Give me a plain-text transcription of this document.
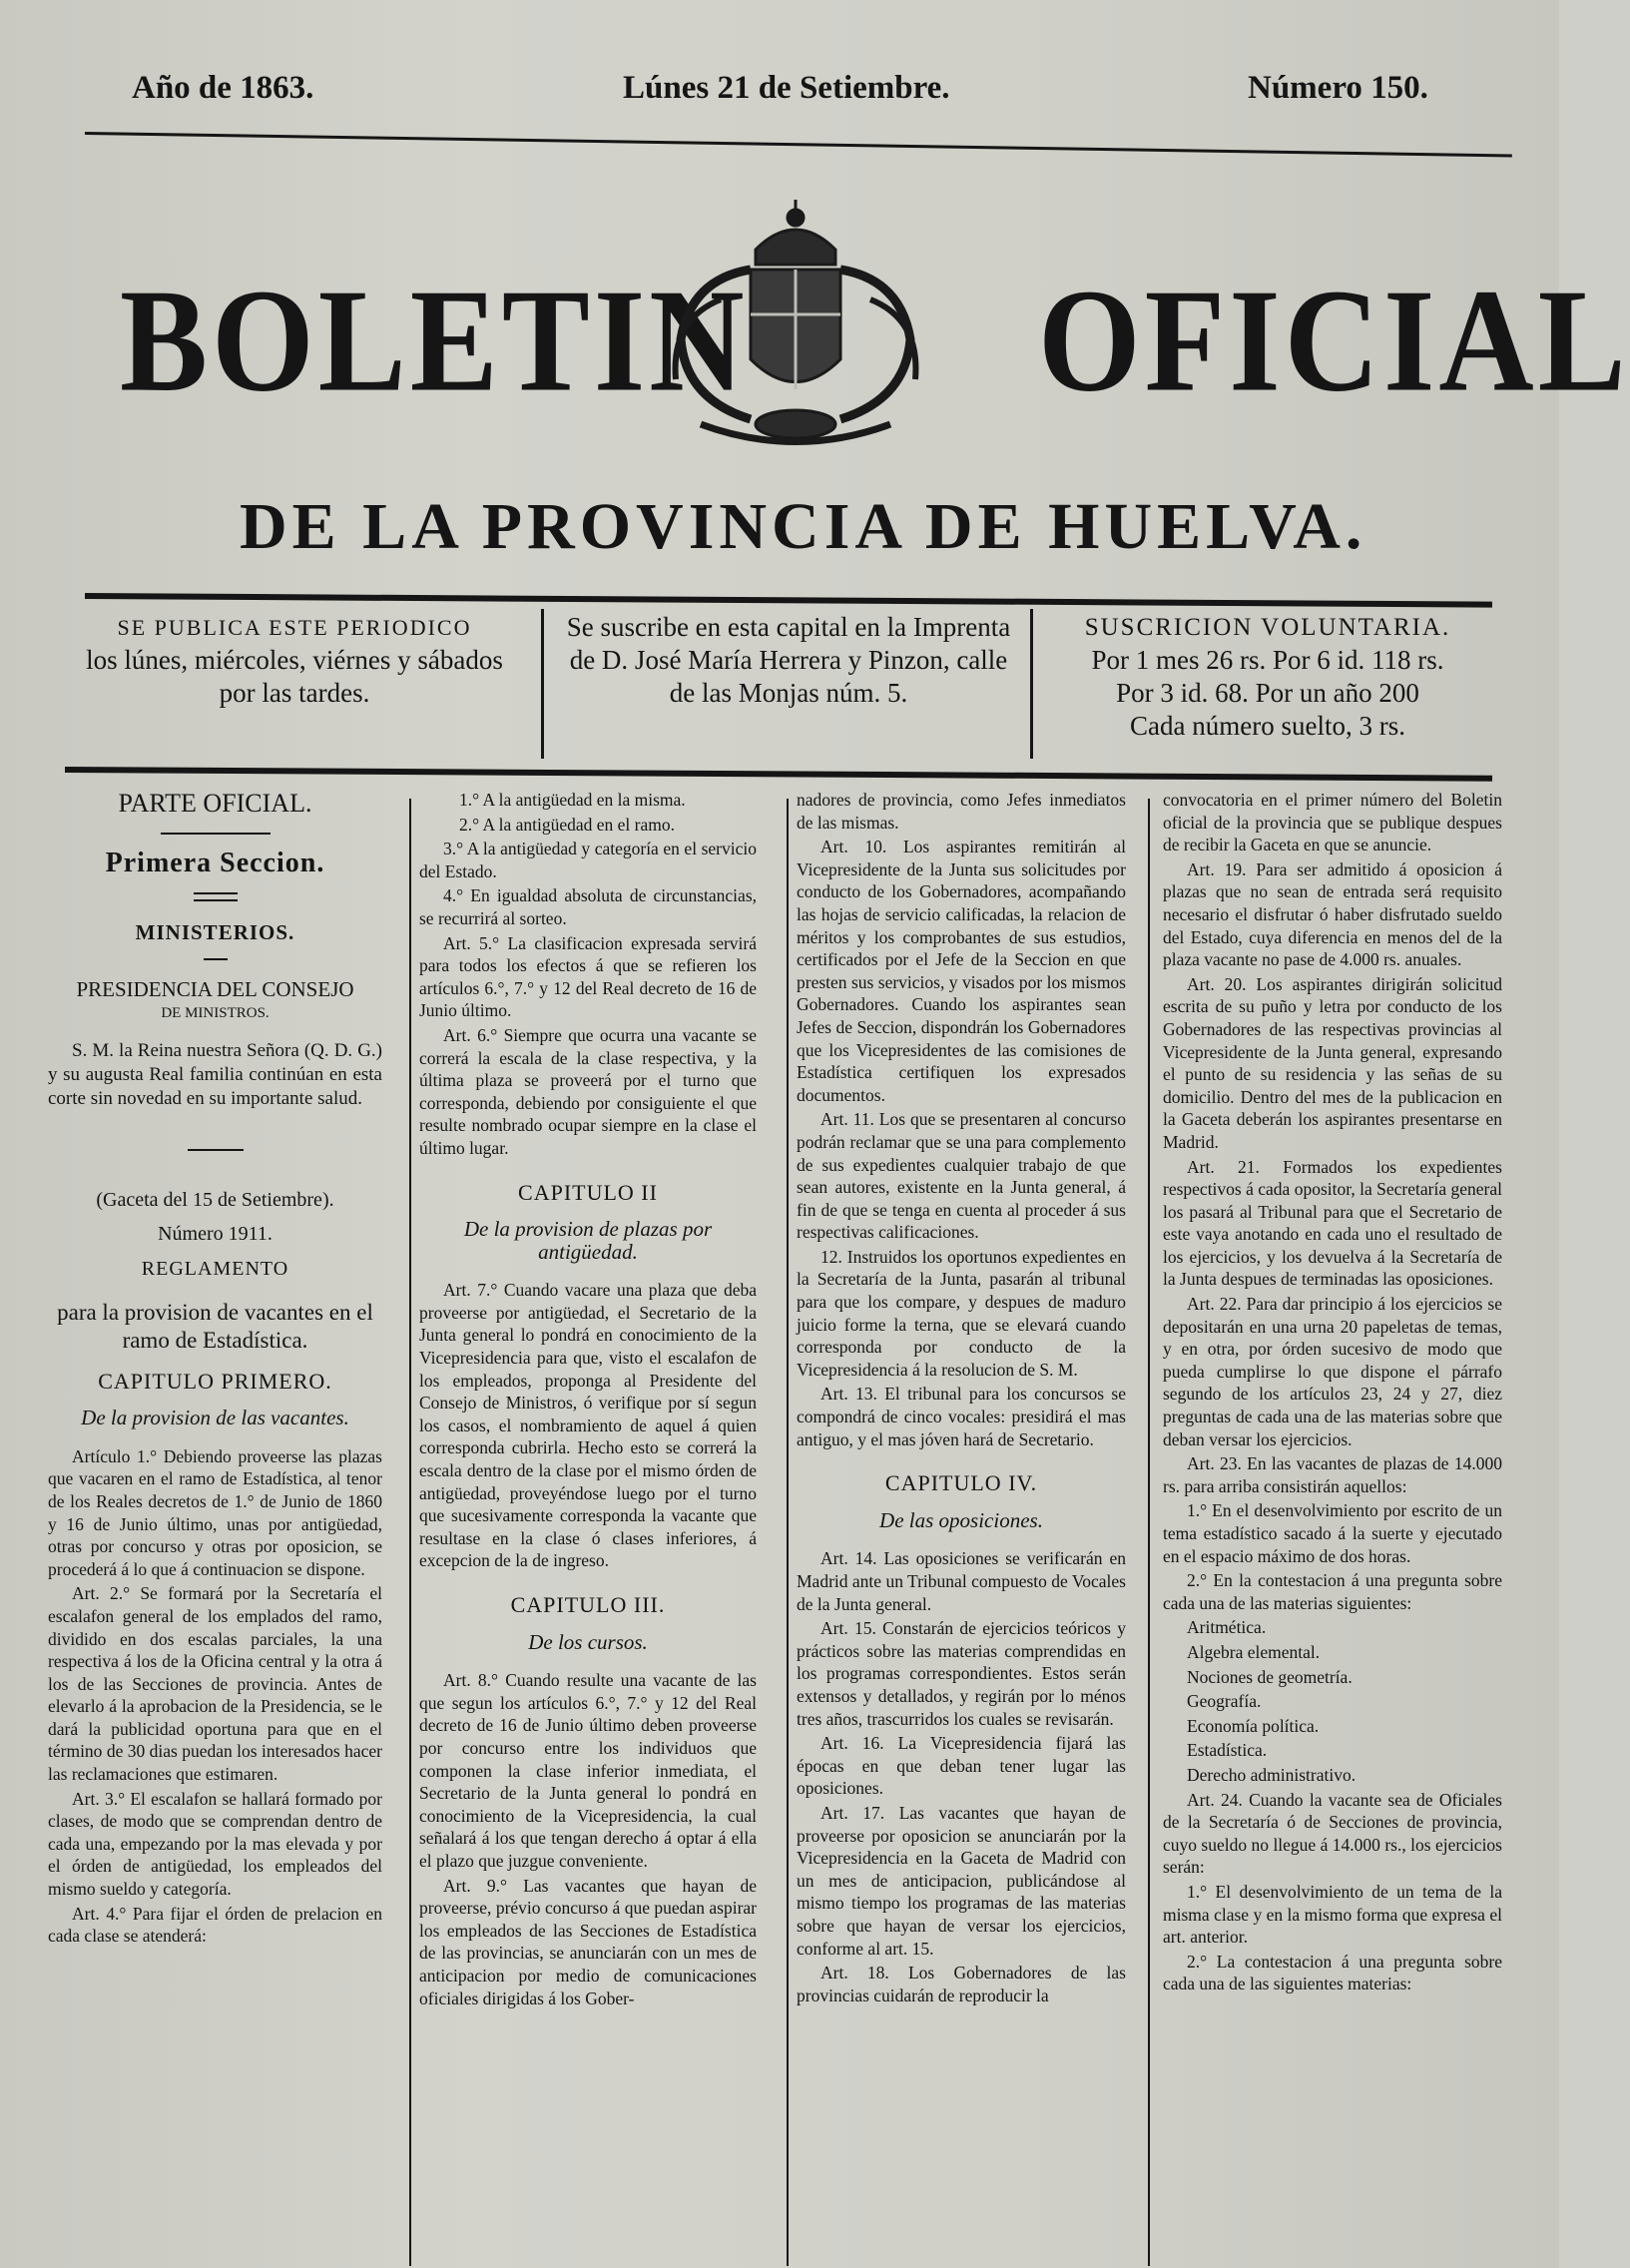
Año de 1863.	Lúnes 21 de Setiembre.	Número 150.
BOLETIN OFICIAL
DE LA PROVINCIA DE HUELVA.
SE PUBLICA ESTE PERIODICO
los lúnes, miércoles, viérnes y sábados
por las tardes.
Se suscribe en esta capital en la Imprenta
de D. José María Herrera y Pinzon, calle
de las Monjas núm. 5.
SUSCRICION VOLUNTARIA.
Por 1 mes 26 rs. Por 6 id. 118 rs.
Por 3 id. 68. Por un año 200
Cada número suelto, 3 rs.

PARTE OFICIAL.

Primera Seccion.

MINISTERIOS.

PRESIDENCIA DEL CONSEJO

DE MINISTROS.

S. M. la Reina nuestra Señora (Q. D. G.) y su augusta Real familia continúan en esta corte sin novedad en su importante salud.

(Gaceta del 15 de Setiembre).

Número 1911.

REGLAMENTO

para la provision de vacantes en el ramo de Estadística.

CAPITULO PRIMERO.

De la provision de las vacantes.

Artículo 1.° Debiendo proveerse las plazas que vacaren en el ramo de Estadística, al tenor de los Reales decretos de 1.° de Junio de 1860 y 16 de Junio último, unas por antigüedad, otras por concurso y otras por oposicion, se procederá á lo que á continuacion se dispone.

Art. 2.° Se formará por la Secretaría el escalafon general de los emplados del ramo, dividido en dos escalas parciales, la una respectiva á los de la Oficina central y la otra á los de las Secciones de provincia. Antes de elevarlo á la aprobacion de la Presidencia, se le dará la publicidad oportuna para que en el término de 30 dias puedan los interesados hacer las reclamaciones que estimaren.

Art. 3.° El escalafon se hallará formado por clases, de modo que se comprendan dentro de cada una, empezando por la mas elevada y por el órden de antigüedad, los empleados del mismo sueldo y categoría.

Art. 4.° Para fijar el órden de prelacion en cada clase se atenderá:

1.° A la antigüedad en la misma.

2.° A la antigüedad en el ramo.

3.° A la antigüedad y categoría en el servicio del Estado.

4.° En igualdad absoluta de circunstancias, se recurrirá al sorteo.

Art. 5.° La clasificacion expresada servirá para todos los efectos á que se refieren los artículos 6.°, 7.° y 12 del Real decreto de 16 de Junio último.

Art. 6.° Siempre que ocurra una vacante se correrá la escala de la clase respectiva, y la última plaza se proveerá por el turno que corresponda, debiendo por consiguiente el que resulte nombrado ocupar siempre en la clase el último lugar.

CAPITULO II

De la provision de plazas por antigüedad.

Art. 7.° Cuando vacare una plaza que deba proveerse por antigüedad, el Secretario de la Junta general lo pondrá en conocimiento de la Vicepresidencia para que, visto el escalafon de los empleados, proponga al Presidente del Consejo de Ministros, ó verifique por sí segun los casos, el nombramiento de aquel á quien corresponda cubrirla. Hecho esto se correrá la escala dentro de la clase por el mismo órden de antigüedad, proveyéndose luego por el turno que sucesivamente corresponda la vacante que resultase en la clase ó clases inferiores, á excepcion de la de ingreso.

CAPITULO III.

De los cursos.

Art. 8.° Cuando resulte una vacante de las que segun los artículos 6.°, 7.° y 12 del Real decreto de 16 de Junio último deben proveerse por concurso entre los individuos que componen la clase inferior inmediata, el Secretario de la Junta general lo pondrá en conocimiento de la Vicepresidencia, la cual señalará á los que tengan derecho á optar á ella el plazo que juzgue conveniente.

Art. 9.° Las vacantes que hayan de proveerse, prévio concurso á que puedan aspirar los empleados de las Secciones de Estadística de las provincias, se anunciarán con un mes de anticipacion por medio de comunicaciones oficiales dirigidas á los Gober-

nadores de provincia, como Jefes inmediatos de las mismas.

Art. 10. Los aspirantes remitirán al Vicepresidente de la Junta sus solicitudes por conducto de los Gobernadores, acompañando las hojas de servicio calificadas, la relacion de méritos y los comprobantes de sus estudios, certificados por el Jefe de la Seccion en que presten sus servicios, y visados por los mismos Gobernadores. Cuando los aspirantes sean Jefes de Seccion, dispondrán los Gobernadores que los Vicepresidentes de las comisiones de Estadística certifiquen los expresados documentos.

Art. 11. Los que se presentaren al concurso podrán reclamar que se una para complemento de sus expedientes cualquier trabajo de que sean autores, existente en la Junta general, á fin de que se tenga en cuenta al proceder á sus respectivas calificaciones.

12. Instruidos los oportunos expedientes en la Secretaría de la Junta, pasarán al tribunal para que los compare, y despues de maduro juicio forme la terna, que se elevará cuando corresponda por conducto de la Vicepresidencia á la resolucion de S. M.

Art. 13. El tribunal para los concursos se compondrá de cinco vocales: presidirá el mas antiguo, y el mas jóven hará de Secretario.

CAPITULO IV.

De las oposiciones.

Art. 14. Las oposiciones se verificarán en Madrid ante un Tribunal compuesto de Vocales de la Junta general.

Art. 15. Constarán de ejercicios teóricos y prácticos sobre las materias comprendidas en los programas correspondientes. Estos serán extensos y detallados, y regirán por lo ménos tres años, trascurridos los cuales se revisarán.

Art. 16. La Vicepresidencia fijará las épocas en que deban tener lugar las oposiciones.

Art. 17. Las vacantes que hayan de proveerse por oposicion se anunciarán por la Vicepresidencia en la Gaceta de Madrid con un mes de anticipacion, publicándose al mismo tiempo los programas de las materias sobre que hayan de versar los ejercicios, conforme al art. 15.

Art. 18. Los Gobernadores de las provincias cuidarán de reproducir la

convocatoria en el primer número del Boletin oficial de la provincia que se publique despues de recibir la Gaceta en que se anuncie.

Art. 19. Para ser admitido á oposicion á plazas que no sean de entrada será requisito necesario el disfrutar ó haber disfrutado sueldo del Estado, cuya diferencia en menos del de la plaza vacante no pase de 4.000 rs. anuales.

Art. 20. Los aspirantes dirigirán solicitud escrita de su puño y letra por conducto de los Gobernadores de las respectivas provincias al Vicepresidente de la Junta general, expresando el punto de su residencia y las señas de su domicilio. Dentro del mes de la publicacion en la Gaceta deberán los aspirantes presentarse en Madrid.

Art. 21. Formados los expedientes respectivos á cada opositor, la Secretaría general los pasará al Tribunal para que el Secretario de este vaya anotando en cada uno el resultado de los ejercicios, y los devuelva á la Secretaría de la Junta despues de terminadas las oposiciones.

Art. 22. Para dar principio á los ejercicios se depositarán en una urna 20 papeletas de temas, y en otra, por órden sucesivo de modo que pueda cumplirse lo que dispone el párrafo segundo de los artículos 23, 24 y 27, diez preguntas de cada una de las materias sobre que deban versar los ejercicios.

Art. 23. En las vacantes de plazas de 14.000 rs. para arriba consistirán aquellos:

1.° En el desenvolvimiento por escrito de un tema estadístico sacado á la suerte y ejecutado en el espacio máximo de dos horas.

2.° En la contestacion á una pregunta sobre cada una de las materias siguientes:

Aritmética.

Algebra elemental.

Nociones de geometría.

Geografía.

Economía política.

Estadística.

Derecho administrativo.

Art. 24. Cuando la vacante sea de Oficiales de la Secretaría ó de Secciones de provincia, cuyo sueldo no llegue á 14.000 rs., los ejercicios serán:

1.° El desenvolvimiento de un tema de la misma clase y en la mismo forma que expresa el art. anterior.

2.° La contestacion á una pregunta sobre cada una de las siguientes materias:
